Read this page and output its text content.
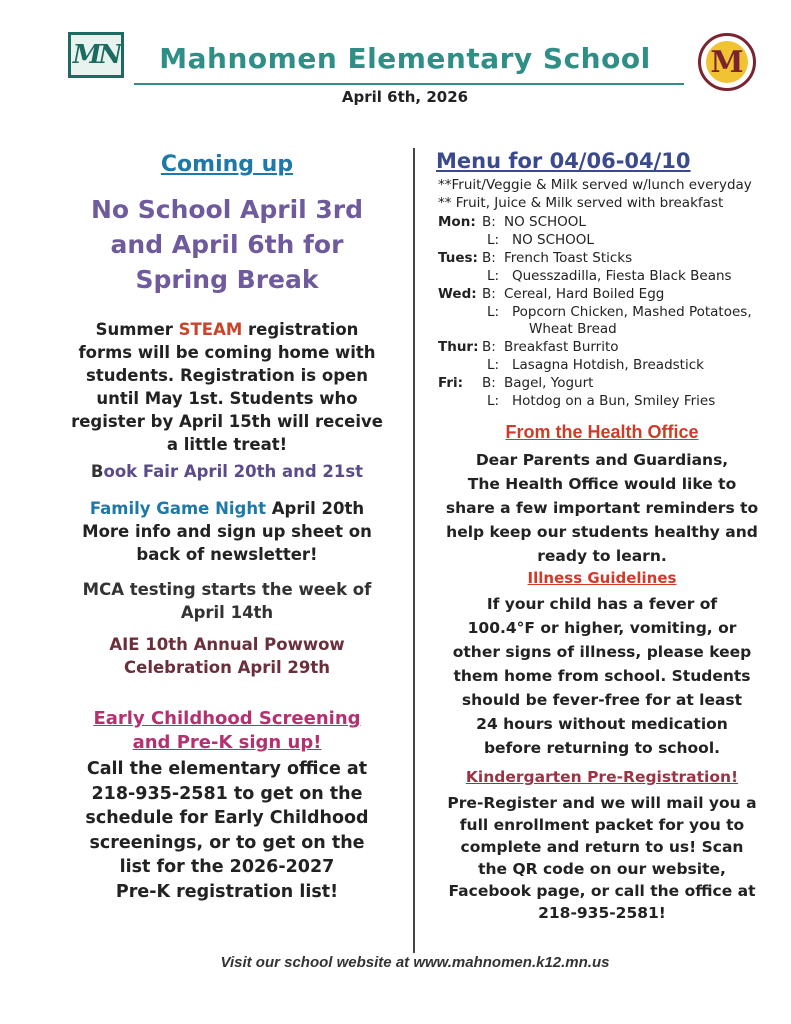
MN	Mahnomen Elementary School
April 6th, 2026
M
Coming up
No School April 3rd
and April 6th for
Spring Break
Summer STEAM registration
forms will be coming home with
students. Registration is open
until May 1st. Students who
register by April 15th will receive
a little treat!
Book Fair April 20th and 21st
Family Game Night April 20th
More info and sign up sheet on
back of newsletter!
MCA testing starts the week of
April 14th
AIE 10th Annual Powwow
Celebration April 29th
Early Childhood Screening
and Pre-K sign up!
Call the elementary office at
218-935-2581 to get on the
schedule for Early Childhood
screenings, or to get on the
list for the 2026-2027
Pre-K registration list!
Menu for 04/06-04/10
**Fruit/Veggie & Milk served w/lunch everyday
** Fruit, Juice & Milk served with breakfast
Mon: B: NO SCHOOL
L: NO SCHOOL
Tues: B: French Toast Sticks
L: Quesszadilla, Fiesta Black Beans
Wed: B: Cereal, Hard Boiled Egg
L: Popcorn Chicken, Mashed Potatoes,
Wheat Bread
Thur: B: Breakfast Burrito
L: Lasagna Hotdish, Breadstick
Fri:	B: Bagel, Yogurt
L: Hotdog on a Bun, Smiley Fries
From the Health Office
Dear Parents and Guardians,
The Health Office would like to
share a few important reminders to
help keep our students healthy and
ready to learn.
Illness Guidelines
If your child has a fever of
100.4°F or higher, vomiting, or
other signs of illness, please keep
them home from school. Students
should be fever-free for at least
24 hours without medication
before returning to school.
Kindergarten Pre-Registration!
Pre-Register and we will mail you a
full enrollment packet for you to
complete and return to us! Scan
the QR code on our website,
Facebook page, or call the office at
218-935-2581!
Visit our school website at www.mahnomen.k12.mn.us
